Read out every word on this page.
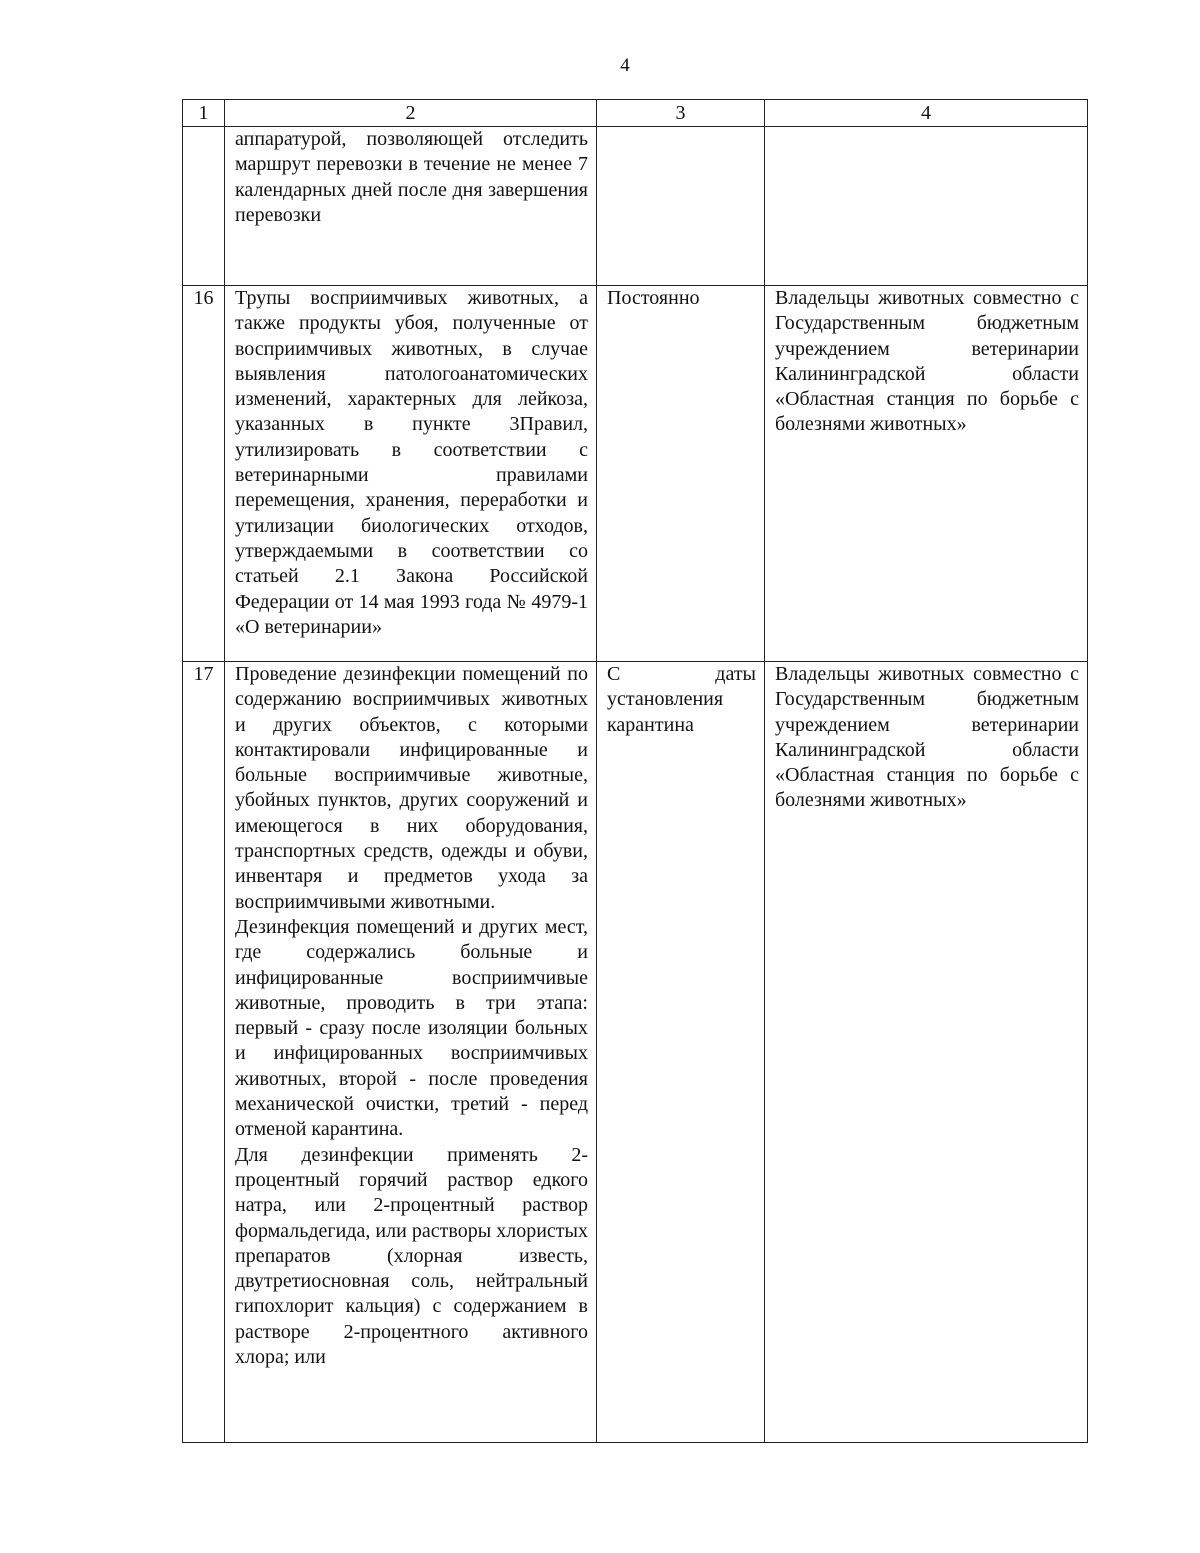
4
1	2	3	4
	аппаратурой, позволяющей отследить маршрут перевозки в течение не менее 7 календарных дней после дня завершения перевозки		
16	Трупы восприимчивых животных, а также продукты убоя, полученные от восприимчивых животных, в случае выявления патологоанатомических изменений, характерных для лейкоза, указанных в пункте 3Правил, утилизировать в соответствии с ветеринарными правилами перемещения, хранения, переработки и утилизации биологических отходов, утверждаемыми в соответствии со статьей 2.1 Закона Российской Федерации от 14 мая 1993 года № 4979-1 «О ветеринарии»	Постоянно	Владельцы животных совместно с Государственным бюджетным учреждением ветеринарии Калининградской области «Областная станция по борьбе с болезнями животных»
17	Проведение дезинфекции помещений по содержанию восприимчивых животных и других объектов, с которыми контактировали инфицированные и больные восприимчивые животные, убойных пунктов, других сооружений и имеющегося в них оборудования, транспортных средств, одежды и обуви, инвентаря и предметов ухода за восприимчивыми животными.

Дезинфекция помещений и других мест, где содержались больные и инфицированные восприимчивые животные, проводить в три этапа: первый - сразу после изоляции больных и инфицированных восприимчивых животных, второй - после проведения механической очистки, третий - перед отменой карантина.

Для дезинфекции применять 2-процентный горячий раствор едкого натра, или 2-процентный раствор формальдегида, или растворы хлористых препаратов (хлорная известь, двутретиосновная соль, нейтральный гипохлорит кальция) с содержанием в растворе 2-процентного активного хлора; или	С даты установления карантина	Владельцы животных совместно с Государственным бюджетным учреждением ветеринарии Калининградской области «Областная станция по борьбе с болезнями животных»
